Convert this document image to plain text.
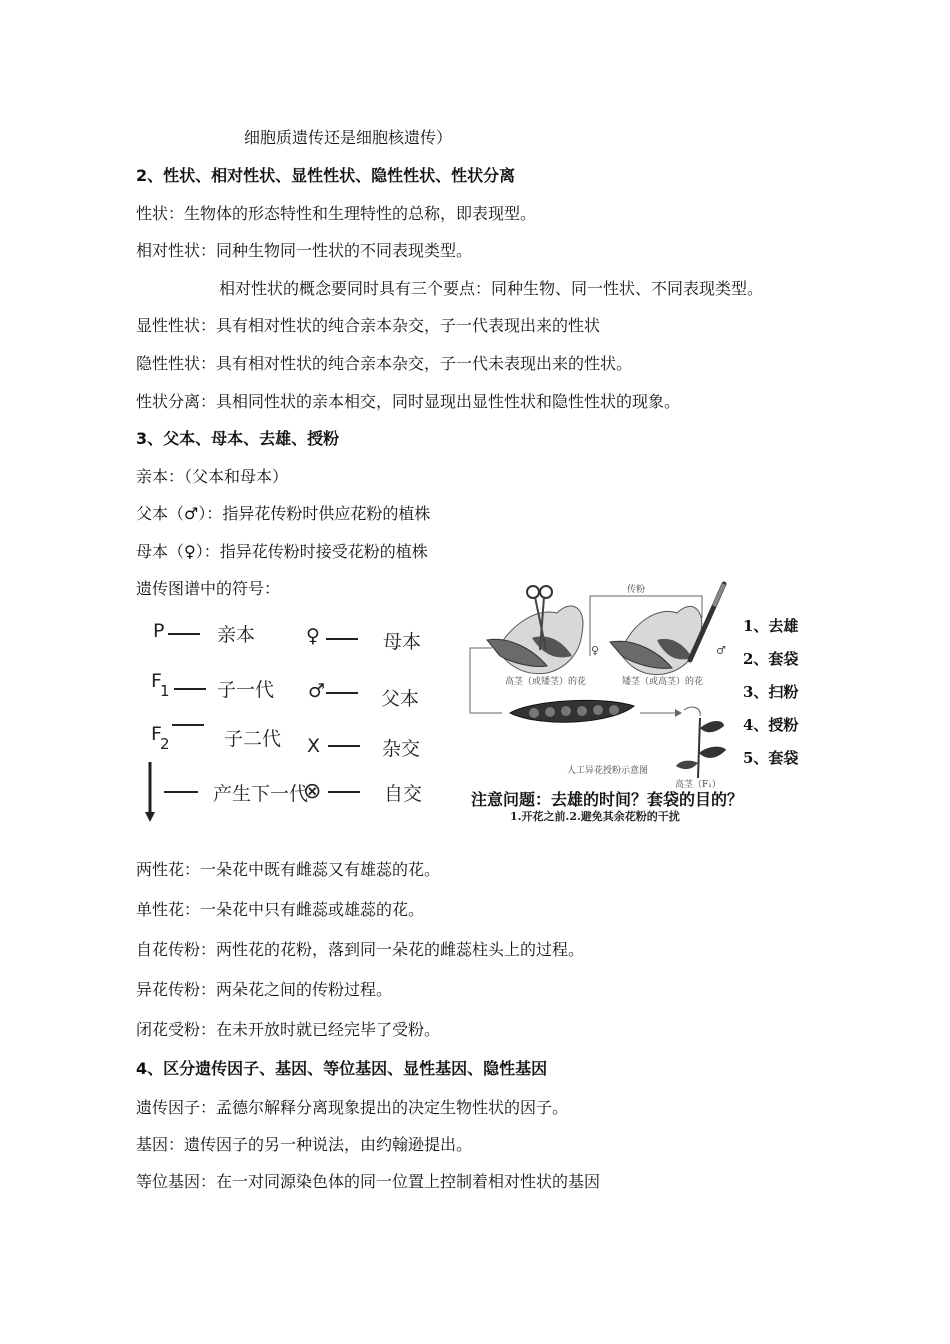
细胞质遗传还是细胞核遗传）
2、性状、相对性状、显性性状、隐性性状、性状分离
性状：生物体的形态特性和生理特性的总称，即表现型。
相对性状：同种生物同一性状的不同表现类型。
相对性状的概念要同时具有三个要点：同种生物、同一性状、不同表现类型。
显性性状：具有相对性状的纯合亲本杂交，子一代表现出来的性状
隐性性状：具有相对性状的纯合亲本杂交，子一代未表现出来的性状。
性状分离：具相同性状的亲本相交，同时显现出显性性状和隐性性状的现象。
3、父本、母本、去雄、授粉
亲本：（父本和母本）
父本（♂）：指异花传粉时供应花粉的植株
母本（♀）：指异花传粉时接受花粉的植株
遗传图谱中的符号：
P	亲本
F
1 子一代
F
2	子二代
产生下一代
♀	母本
♂	父本
X	杂交
⊗	自交
传粉
高茎（或矮茎）的花	矮茎（或高茎）的花
♀	♂
人工异花授粉示意图
高茎（F₁）
1、去雄
2、套袋
3、扫粉
4、授粉
5、套袋
注意问题：去雄的时间？套袋的目的？
1.开花之前.2.避免其余花粉的干扰
两性花：一朵花中既有雌蕊又有雄蕊的花。
单性花：一朵花中只有雌蕊或雄蕊的花。
自花传粉：两性花的花粉，落到同一朵花的雌蕊柱头上的过程。
异花传粉：两朵花之间的传粉过程。
闭花受粉：在未开放时就已经完毕了受粉。
4、区分遗传因子、基因、等位基因、显性基因、隐性基因
遗传因子：孟德尔解释分离现象提出的决定生物性状的因子。
基因：遗传因子的另一种说法，由约翰逊提出。
等位基因：在一对同源染色体的同一位置上控制着相对性状的基因
